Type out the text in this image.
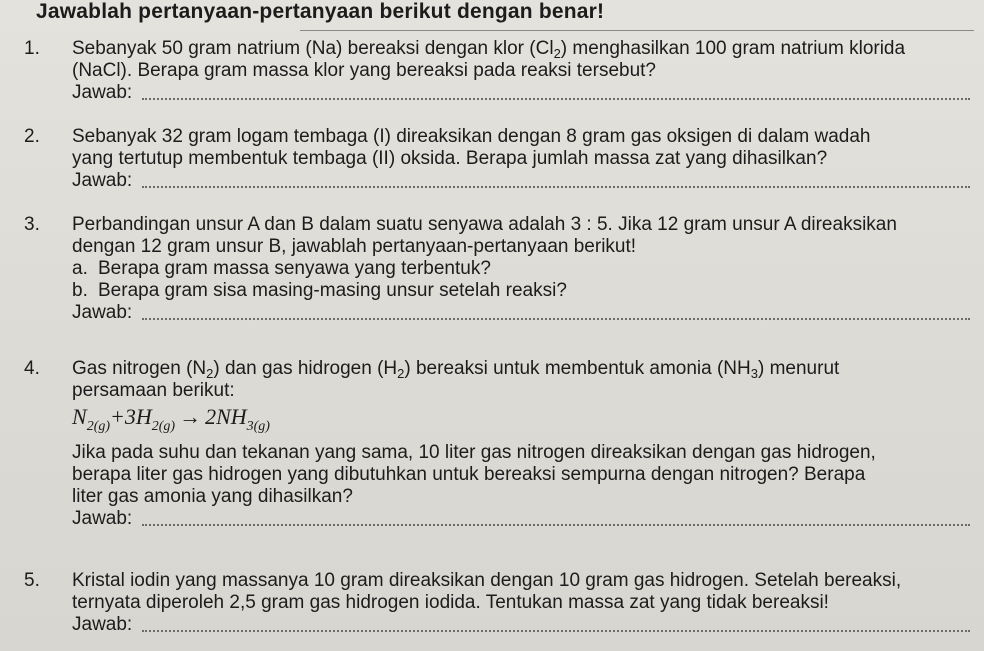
Jawablah pertanyaan-pertanyaan berikut dengan benar!
1. Sebanyak 50 gram natrium (Na) bereaksi dengan klor $(Cl_2)$ menghasilkan 100 gram natrium klorida
(NaCl). Berapa gram massa klor yang bereaksi pada reaksi tersebut?
Jawab:
2. Sebanyak 32 gram logam tembaga (I) direaksikan dengan 8 gram gas oksigen di dalam wadah
yang tertutup membentuk tembaga (II) oksida. Berapa jumlah massa zat yang dihasilkan?
Jawab:
3. Perbandingan unsur A dan B dalam suatu senyawa adalah 3 : 5. Jika 12 gram unsur A direaksikan
dengan 12 gram unsur B, jawablah pertanyaan-pertanyaan berikut!
a. Berapa gram massa senyawa yang terbentuk?
b. Berapa gram sisa masing-masing unsur setelah reaksi?
Jawab:
4. Gas nitrogen $(N_2)$ dan gas hidrogen $(H_2)$ bereaksi untuk membentuk amonia $(NH_3)$ menurut
persamaan berikut:
$N_{2(g)}+3H_{2(g)} \to 2NH_{3(g)}$
Jika pada suhu dan tekanan yang sama, 10 liter gas nitrogen direaksikan dengan gas hidrogen,
berapa liter gas hidrogen yang dibutuhkan untuk bereaksi sempurna dengan nitrogen? Berapa
liter gas amonia yang dihasilkan?
Jawab:
5. Kristal iodin yang massanya 10 gram direaksikan dengan 10 gram gas hidrogen. Setelah bereaksi,
ternyata diperoleh 2,5 gram gas hidrogen iodida. Tentukan massa zat yang tidak bereaksi!
Jawab:
